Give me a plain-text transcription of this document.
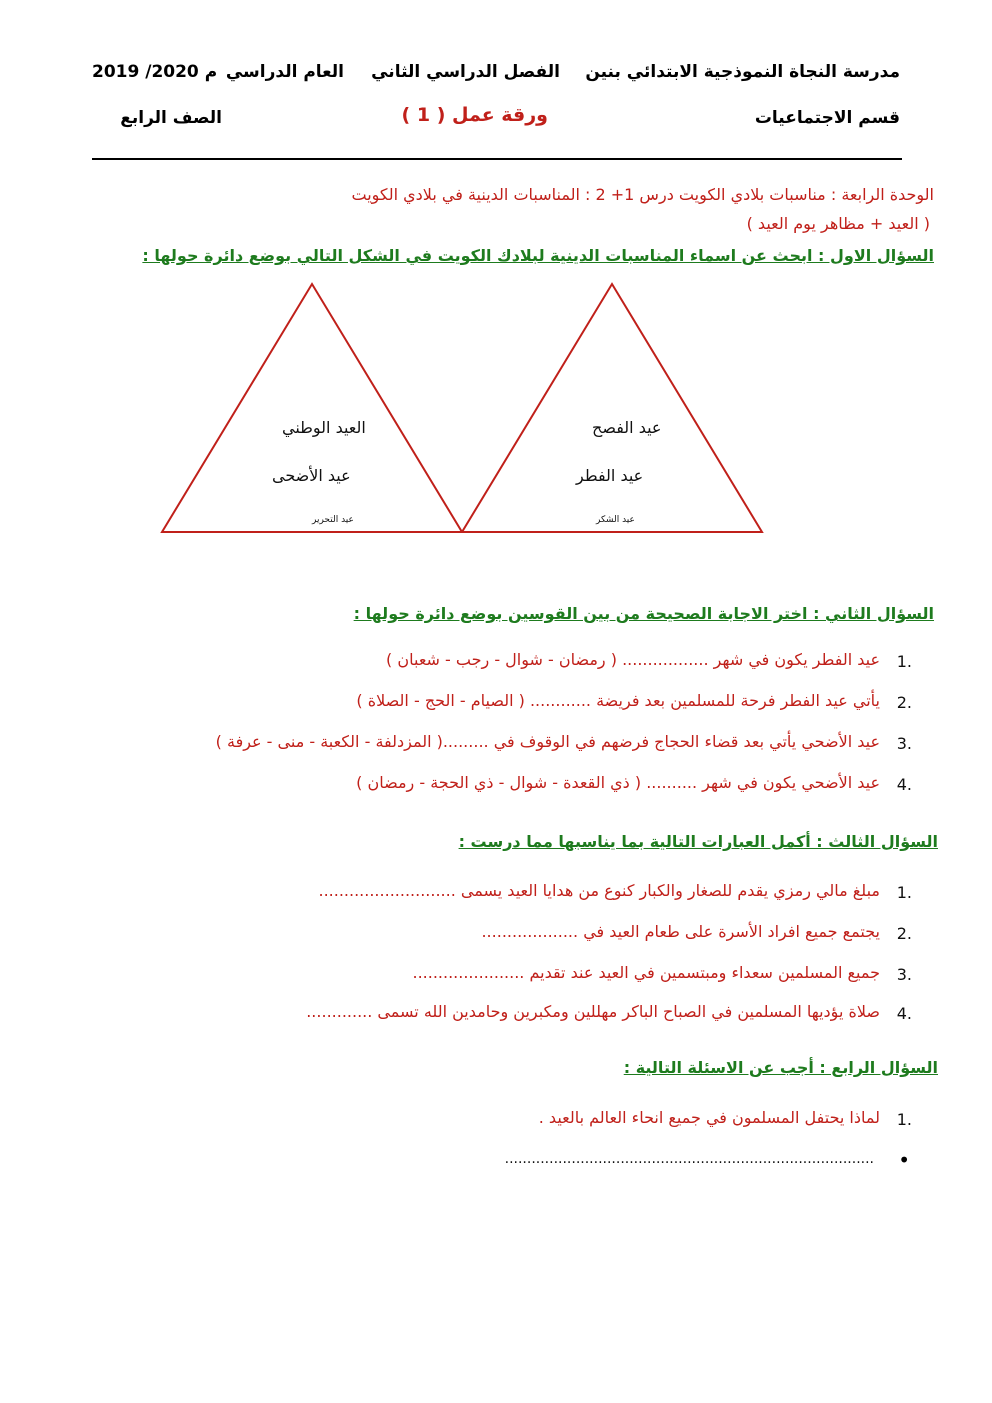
مدرسة النجاة النموذجية الابتدائي بنين
الفصل الدراسي الثاني
العام الدراسي
2019 /2020 م
قسم الاجتماعيات
ورقة عمل ( 1 )
الصف الرابع
الوحدة الرابعة : مناسبات بلادي الكويت درس 1+ 2 : المناسبات الدينية في بلادي الكويت
( العيد + مظاهر يوم العيد )
السؤال الاول : ابحث عن اسماء المناسبات الدينية لبلادك الكويت في الشكل التالي بوضع دائرة حولها :
العيد الوطني
عيد الأضحى
عيد التحرير
عيد الفصح
عيد الفطر
عيد الشكر
السؤال الثاني : اختر الاجابة الصحيحة من بين القوسين بوضع دائرة حولها :
1.
عيد الفطر يكون في شهر ................. ( رمضان - شوال - رجب - شعبان )
2.
يأتي عيد الفطر فرحة للمسلمين بعد فريضة ............ ( الصيام - الحج - الصلاة )
3.
عيد الأضحي يأتي بعد قضاء الحجاج فرضهم في الوقوف في .........( المزدلفة - الكعبة - منى - عرفة )
4.
عيد الأضحي يكون في شهر .......... ( ذي القعدة - شوال - ذي الحجة - رمضان )
السؤال الثالث : أكمل العبارات التالية بما يناسبها مما درست :
1.
مبلغ مالي رمزي يقدم للصغار والكبار كنوع من هدايا العيد يسمى ...........................
2.
يجتمع جميع افراد الأسرة على طعام العيد في ...................
3.
جميع المسلمين سعداء ومبتسمين في العيد عند تقديم ......................
4.
صلاة يؤديها المسلمين في الصباح الباكر مهللين ومكبرين وحامدين الله تسمى .............
السؤال الرابع : أجب عن الاسئلة التالية :
1.
لماذا يحتفل المسلمون في جميع انحاء العالم بالعيد .
•
...................................................................................
